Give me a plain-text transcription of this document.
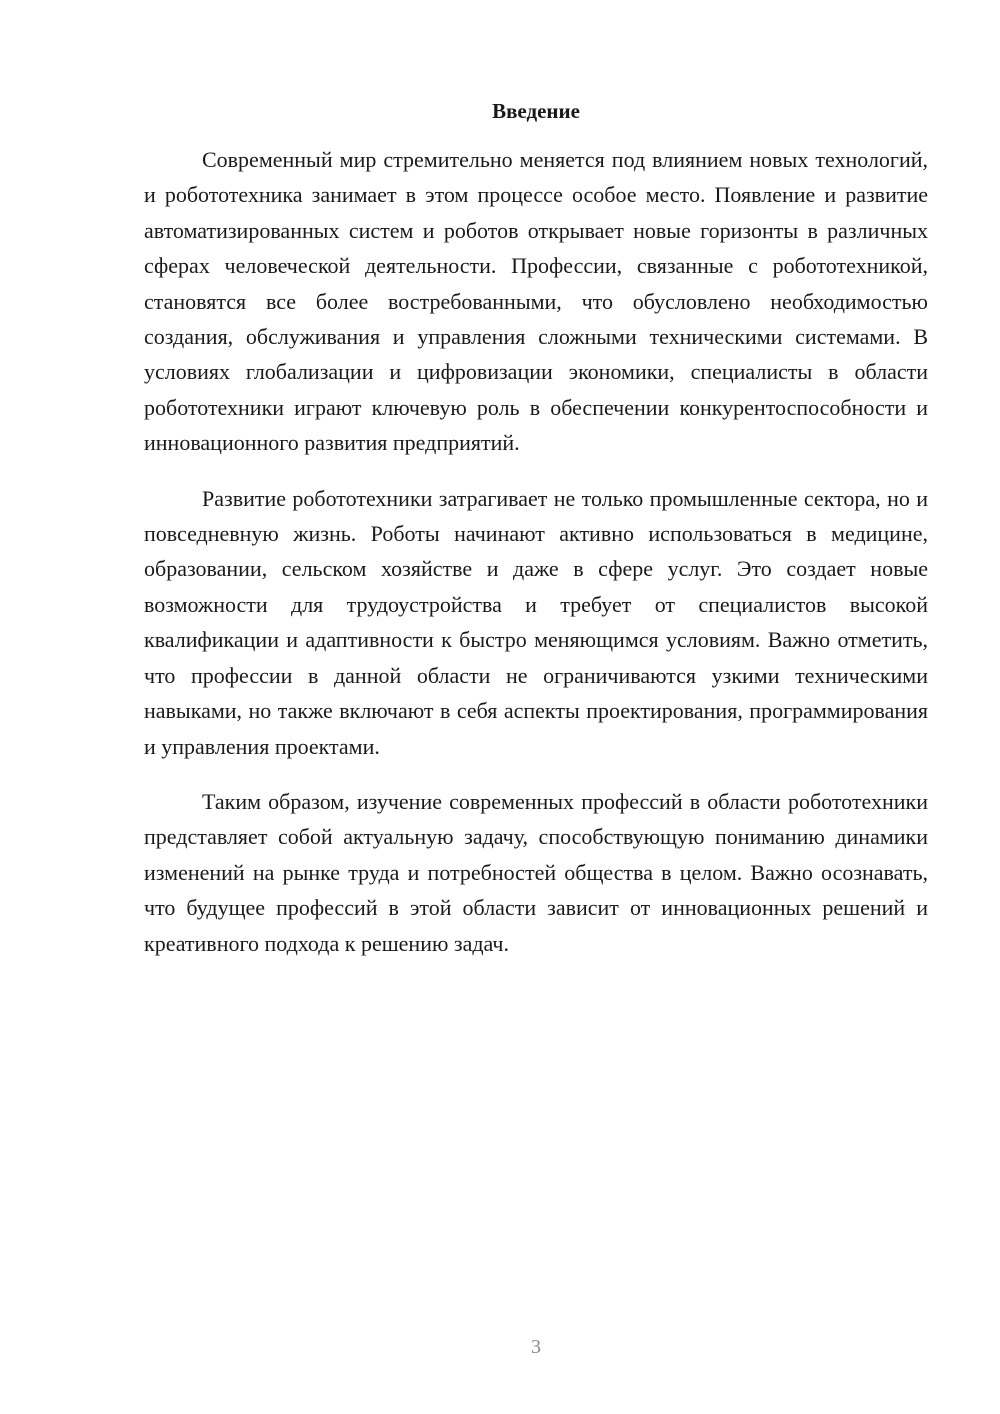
Введение

Современный мир стремительно меняется под влиянием новых технологий, и робототехника занимает в этом процессе особое место. Появление и развитие автоматизированных систем и роботов открывает новые горизонты в различных сферах человеческой деятельности. Профессии, связанные с робототехникой, становятся все более востребованными, что обусловлено необходимостью создания, обслуживания и управления сложными техническими системами. В условиях глобализации и цифровизации экономики, специалисты в области робототехники играют ключевую роль в обеспечении конкурентоспособности и инновационного развития предприятий.

Развитие робототехники затрагивает не только промышленные сектора, но и повседневную жизнь. Роботы начинают активно использоваться в медицине, образовании, сельском хозяйстве и даже в сфере услуг. Это создает новые возможности для трудоустройства и требует от специалистов высокой квалификации и адаптивности к быстро меняющимся условиям. Важно отметить, что профессии в данной области не ограничиваются узкими техническими навыками, но также включают в себя аспекты проектирования, программирования и управления проектами.

Таким образом, изучение современных профессий в области робототехники представляет собой актуальную задачу, способствующую пониманию динамики изменений на рынке труда и потребностей общества в целом. Важно осознавать, что будущее профессий в этой области зависит от инновационных решений и креативного подхода к решению задач.

3
